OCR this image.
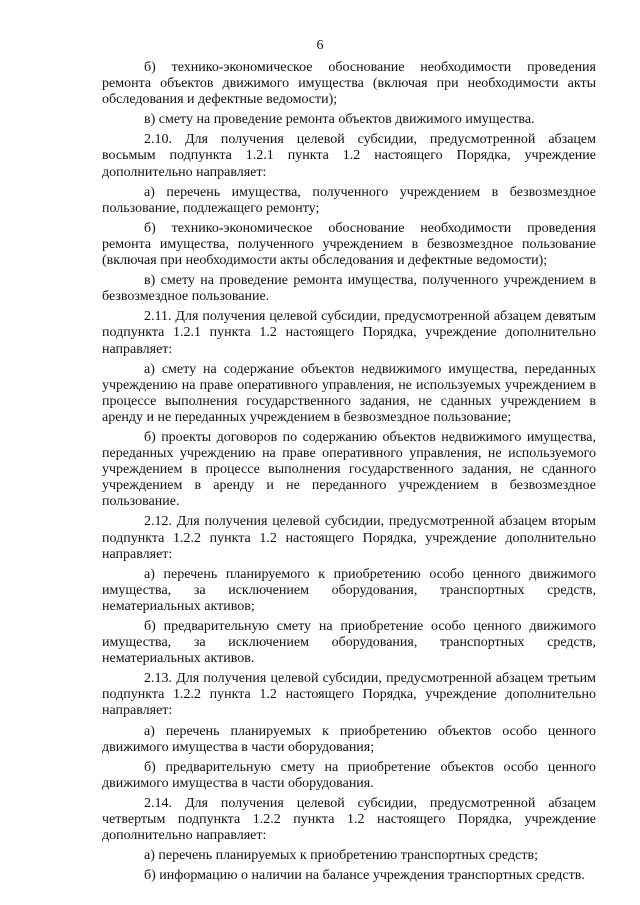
6

б) технико-экономическое обоснование необходимости проведения ремонта объектов движимого имущества (включая при необходимости акты обследования и дефектные ведомости);

в) смету на проведение ремонта объектов движимого имущества.

2.10. Для получения целевой субсидии, предусмотренной абзацем восьмым подпункта 1.2.1 пункта 1.2 настоящего Порядка, учреждение дополнительно направляет:

а) перечень имущества, полученного учреждением в безвозмездное пользование, подлежащего ремонту;

б) технико-экономическое обоснование необходимости проведения ремонта имущества, полученного учреждением в безвозмездное пользование (включая при необходимости акты обследования и дефектные ведомости);

в) смету на проведение ремонта имущества, полученного учреждением в безвозмездное пользование.

2.11. Для получения целевой субсидии, предусмотренной абзацем девятым подпункта 1.2.1 пункта 1.2 настоящего Порядка, учреждение дополнительно направляет:

а) смету на содержание объектов недвижимого имущества, переданных учреждению на праве оперативного управления, не используемых учреждением в процессе выполнения государственного задания, не сданных учреждением в аренду и не переданных учреждением в безвозмездное пользование;

б) проекты договоров по содержанию объектов недвижимого имущества, переданных учреждению на праве оперативного управления, не используемого учреждением в процессе выполнения государственного задания, не сданного учреждением в аренду и не переданного учреждением в безвозмездное пользование.

2.12. Для получения целевой субсидии, предусмотренной абзацем вторым подпункта 1.2.2 пункта 1.2 настоящего Порядка, учреждение дополнительно направляет:

а) перечень планируемого к приобретению особо ценного движимого имущества, за исключением оборудования, транспортных средств, нематериальных активов;

б) предварительную смету на приобретение особо ценного движимого имущества, за исключением оборудования, транспортных средств, нематериальных активов.

2.13. Для получения целевой субсидии, предусмотренной абзацем третьим подпункта 1.2.2 пункта 1.2 настоящего Порядка, учреждение дополнительно направляет:

а) перечень планируемых к приобретению объектов особо ценного движимого имущества в части оборудования;

б) предварительную смету на приобретение объектов особо ценного движимого имущества в части оборудования.

2.14. Для получения целевой субсидии, предусмотренной абзацем четвертым подпункта 1.2.2 пункта 1.2 настоящего Порядка, учреждение дополнительно направляет:

а) перечень планируемых к приобретению транспортных средств;

б) информацию о наличии на балансе учреждения транспортных средств.
